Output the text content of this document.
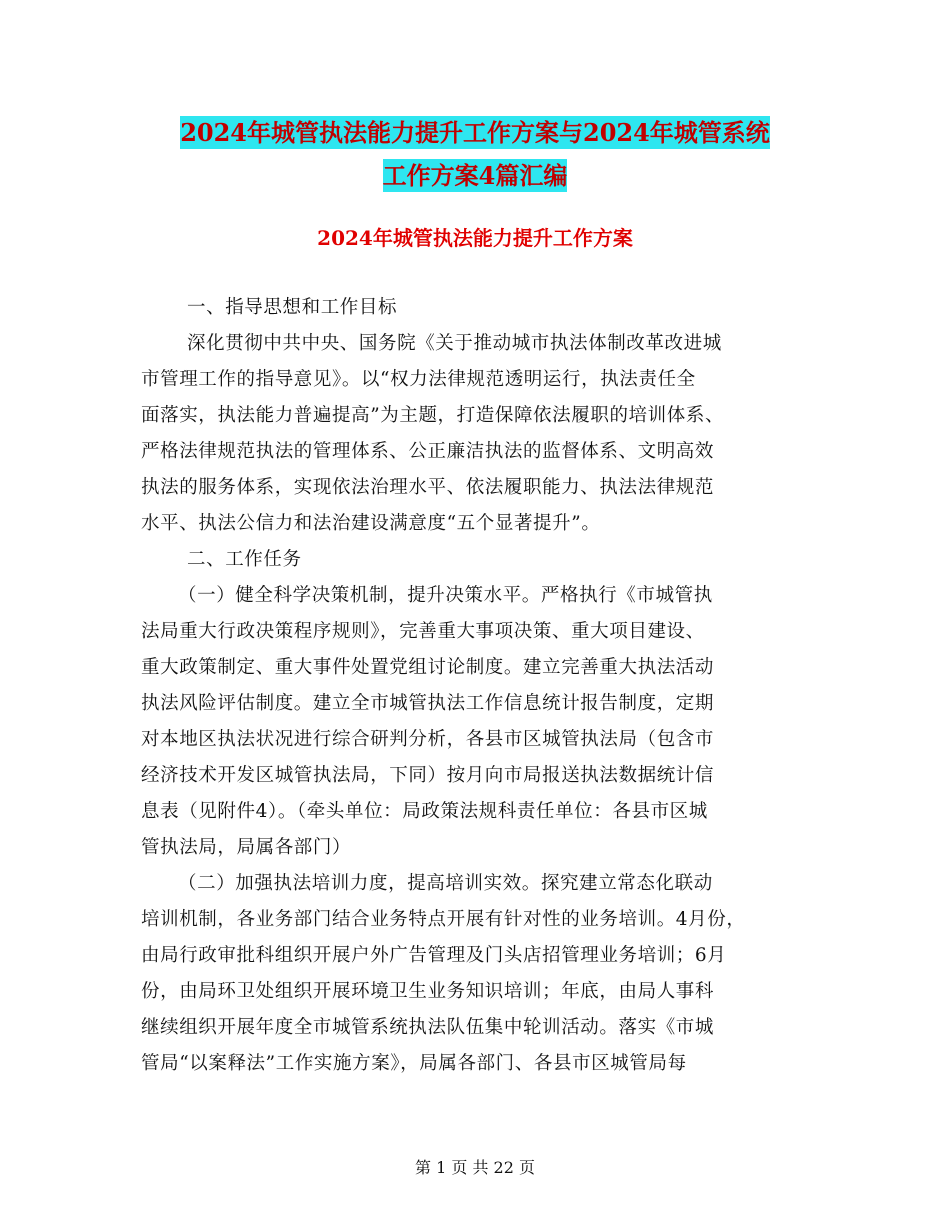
2024年城管执法能力提升工作方案与2024年城管系统
工作方案4篇汇编
2024年城管执法能力提升工作方案

一、指导思想和工作目标

深化贯彻中共中央、国务院《关于推动城市执法体制改革改进城

市管理工作的指导意见》。以“权力法律规范透明运行，执法责任全

面落实，执法能力普遍提高”为主题，打造保障依法履职的培训体系、

严格法律规范执法的管理体系、公正廉洁执法的监督体系、文明高效

执法的服务体系，实现依法治理水平、依法履职能力、执法法律规范

水平、执法公信力和法治建设满意度“五个显著提升”。

二、工作任务

（一）健全科学决策机制，提升决策水平。严格执行《市城管执

法局重大行政决策程序规则》，完善重大事项决策、重大项目建设、

重大政策制定、重大事件处置党组讨论制度。建立完善重大执法活动

执法风险评估制度。建立全市城管执法工作信息统计报告制度，定期

对本地区执法状况进行综合研判分析，各县市区城管执法局（包含市

经济技术开发区城管执法局，下同）按月向市局报送执法数据统计信

息表（见附件4）。（牵头单位：局政策法规科责任单位：各县市区城

管执法局，局属各部门）

（二）加强执法培训力度，提高培训实效。探究建立常态化联动

培训机制，各业务部门结合业务特点开展有针对性的业务培训。4月份，

由局行政审批科组织开展户外广告管理及门头店招管理业务培训；6月

份，由局环卫处组织开展环境卫生业务知识培训；年底，由局人事科

继续组织开展年度全市城管系统执法队伍集中轮训活动。落实《市城

管局“以案释法”工作实施方案》，局属各部门、各县市区城管局每

第 1 页 共 22 页
